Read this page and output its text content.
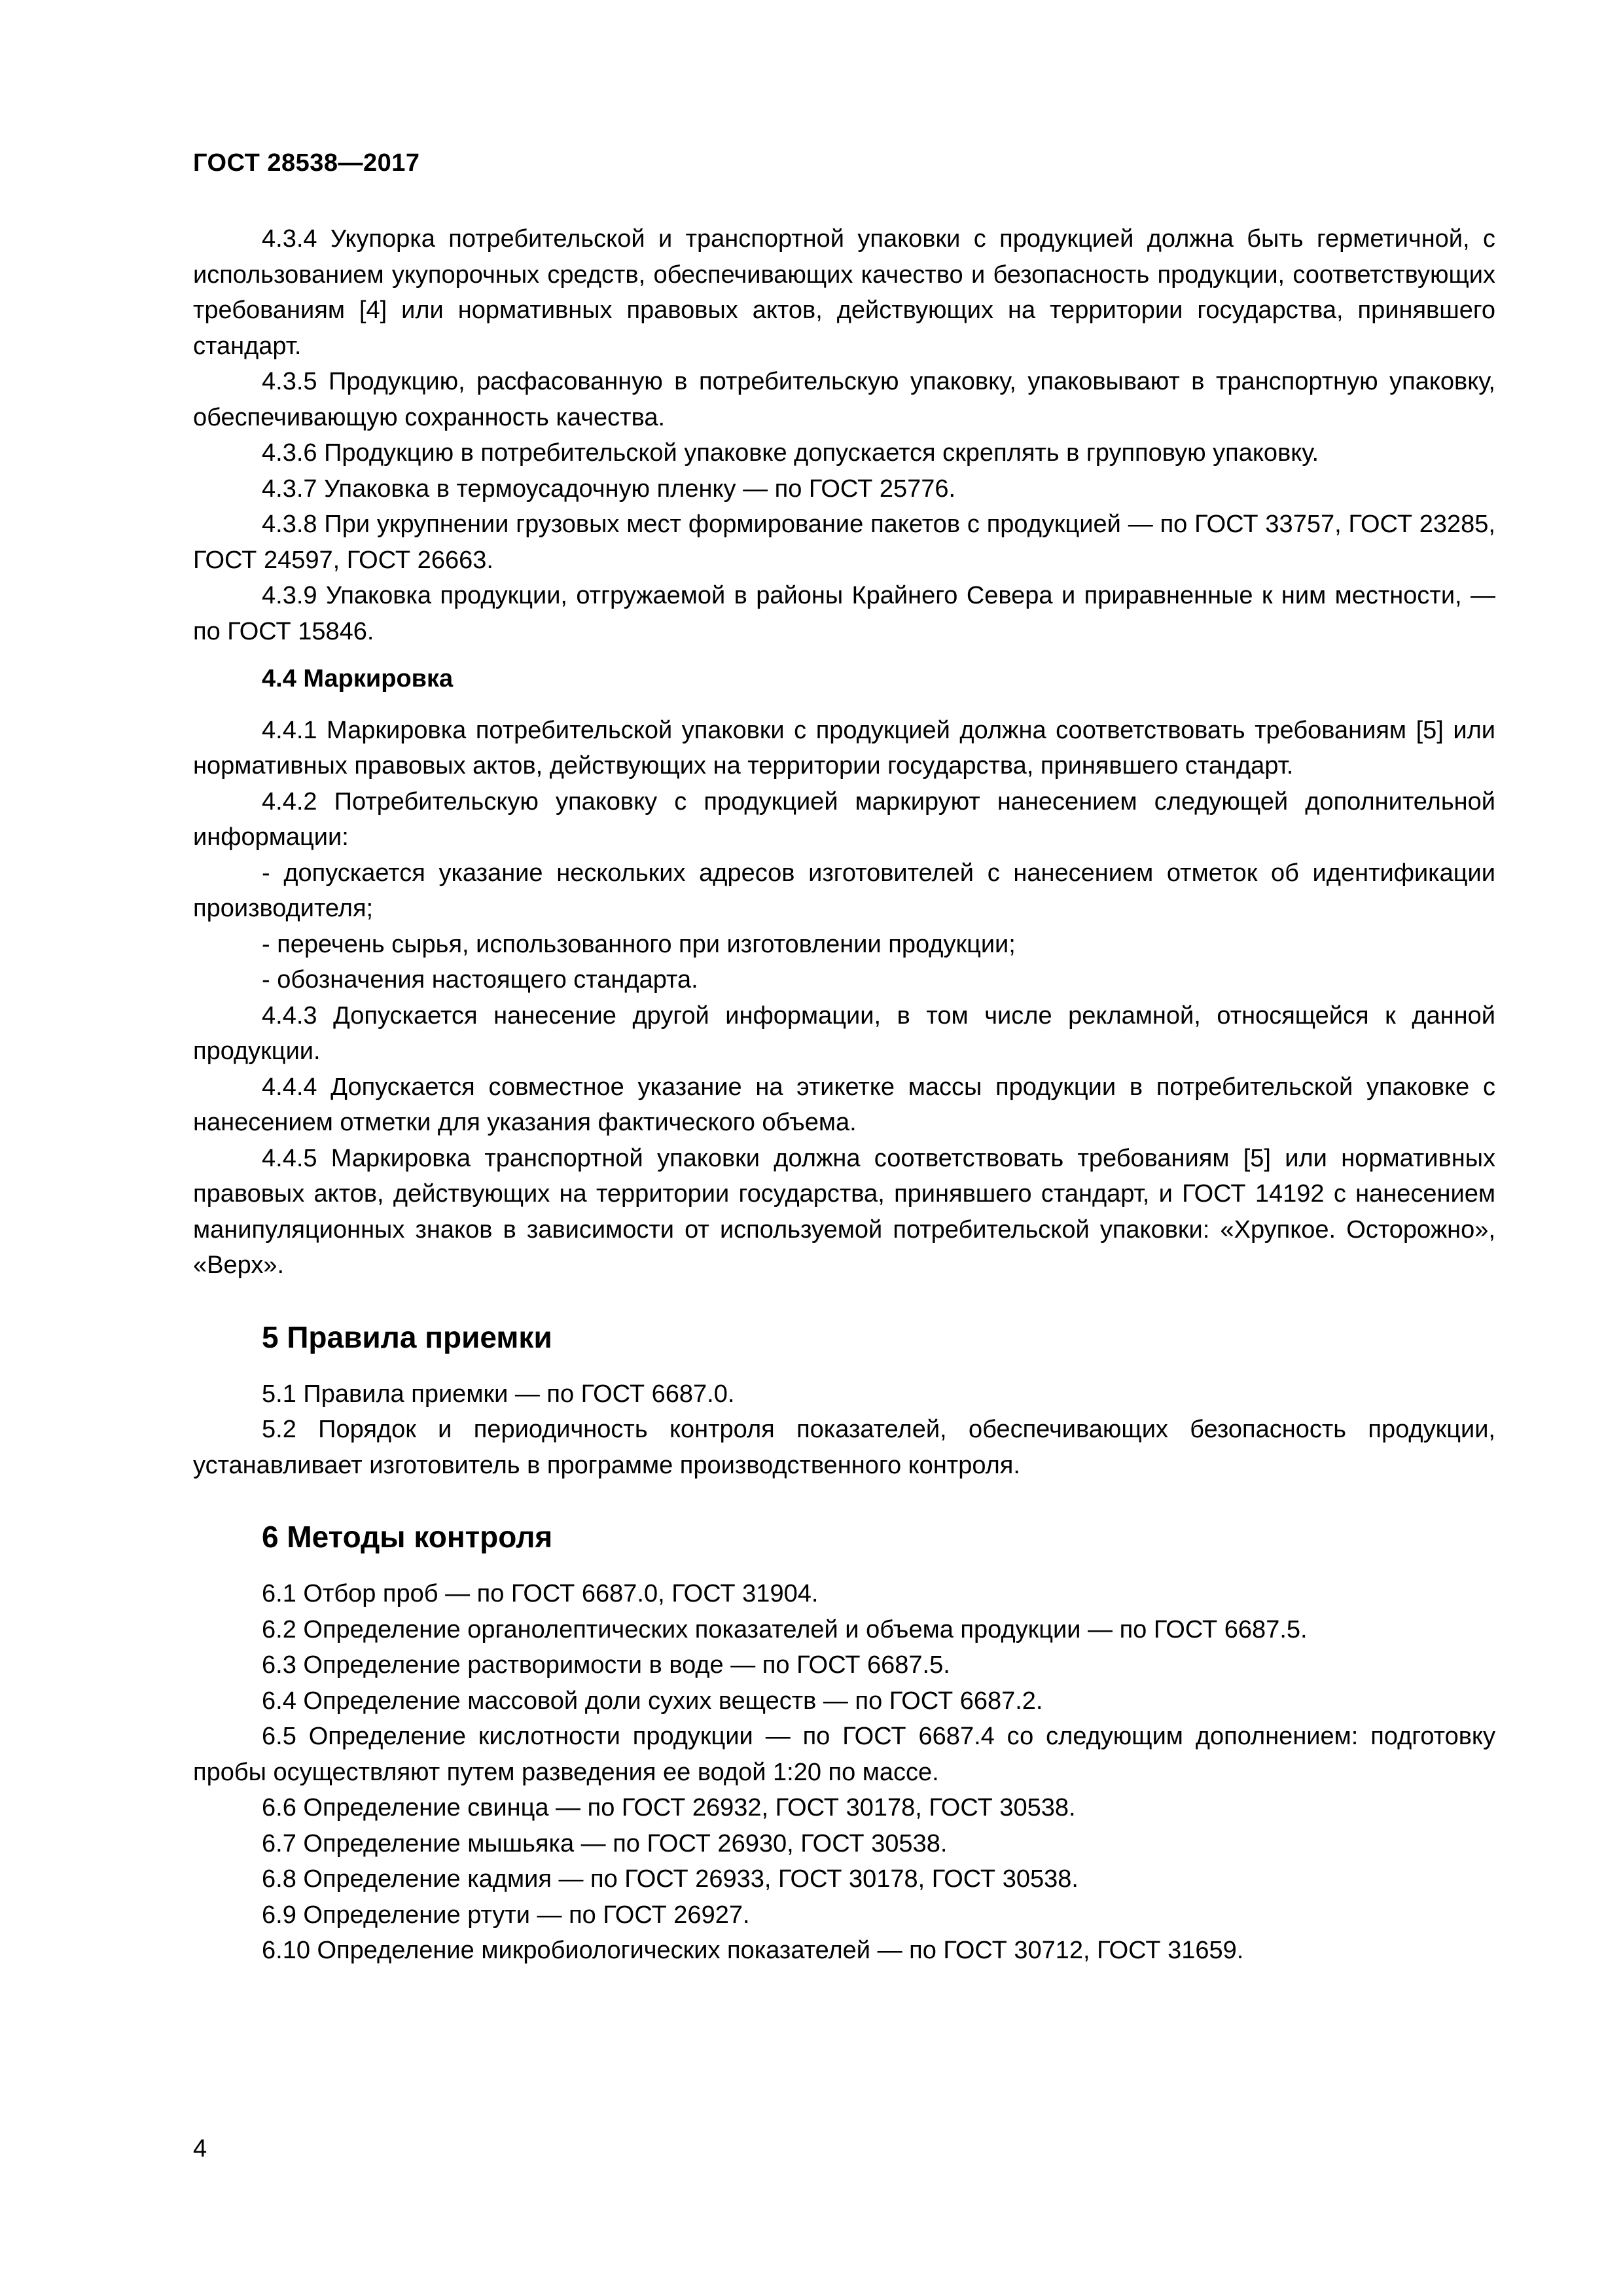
ГОСТ 28538—2017

4.3.4 Укупорка потребительской и транспортной упаковки с продукцией должна быть герметичной, с использованием укупорочных средств, обеспечивающих качество и безопасность продукции, соответствующих требованиям [4] или нормативных правовых актов, действующих на территории государства, принявшего стандарт.

4.3.5 Продукцию, расфасованную в потребительскую упаковку, упаковывают в транспортную упаковку, обеспечивающую сохранность качества.

4.3.6 Продукцию в потребительской упаковке допускается скреплять в групповую упаковку.

4.3.7 Упаковка в термоусадочную пленку — по ГОСТ 25776.

4.3.8 При укрупнении грузовых мест формирование пакетов с продукцией — по ГОСТ 33757, ГОСТ 23285, ГОСТ 24597, ГОСТ 26663.

4.3.9 Упаковка продукции, отгружаемой в районы Крайнего Севера и приравненные к ним местности, — по ГОСТ 15846.

4.4 Маркировка

4.4.1 Маркировка потребительской упаковки с продукцией должна соответствовать требованиям [5] или нормативных правовых актов, действующих на территории государства, принявшего стандарт.

4.4.2 Потребительскую упаковку с продукцией маркируют нанесением следующей дополнительной информации:

- допускается указание нескольких адресов изготовителей с нанесением отметок об идентификации производителя;

- перечень сырья, использованного при изготовлении продукции;

- обозначения настоящего стандарта.

4.4.3 Допускается нанесение другой информации, в том числе рекламной, относящейся к данной продукции.

4.4.4 Допускается совместное указание на этикетке массы продукции в потребительской упаковке с нанесением отметки для указания фактического объема.

4.4.5 Маркировка транспортной упаковки должна соответствовать требованиям [5] или нормативных правовых актов, действующих на территории государства, принявшего стандарт, и ГОСТ 14192 с нанесением манипуляционных знаков в зависимости от используемой потребительской упаковки: «Хрупкое. Осторожно», «Верх».

5 Правила приемки

5.1 Правила приемки — по ГОСТ 6687.0.

5.2 Порядок и периодичность контроля показателей, обеспечивающих безопасность продукции, устанавливает изготовитель в программе производственного контроля.

6 Методы контроля

6.1 Отбор проб — по ГОСТ 6687.0, ГОСТ 31904.

6.2 Определение органолептических показателей и объема продукции — по ГОСТ 6687.5.

6.3 Определение растворимости в воде — по ГОСТ 6687.5.

6.4 Определение массовой доли сухих веществ — по ГОСТ 6687.2.

6.5 Определение кислотности продукции — по ГОСТ 6687.4 со следующим дополнением: подготовку пробы осуществляют путем разведения ее водой 1:20 по массе.

6.6 Определение свинца — по ГОСТ 26932, ГОСТ 30178, ГОСТ 30538.

6.7 Определение мышьяка — по ГОСТ 26930, ГОСТ 30538.

6.8 Определение кадмия — по ГОСТ 26933, ГОСТ 30178, ГОСТ 30538.

6.9 Определение ртути — по ГОСТ 26927.

6.10 Определение микробиологических показателей — по ГОСТ 30712, ГОСТ 31659.

4
